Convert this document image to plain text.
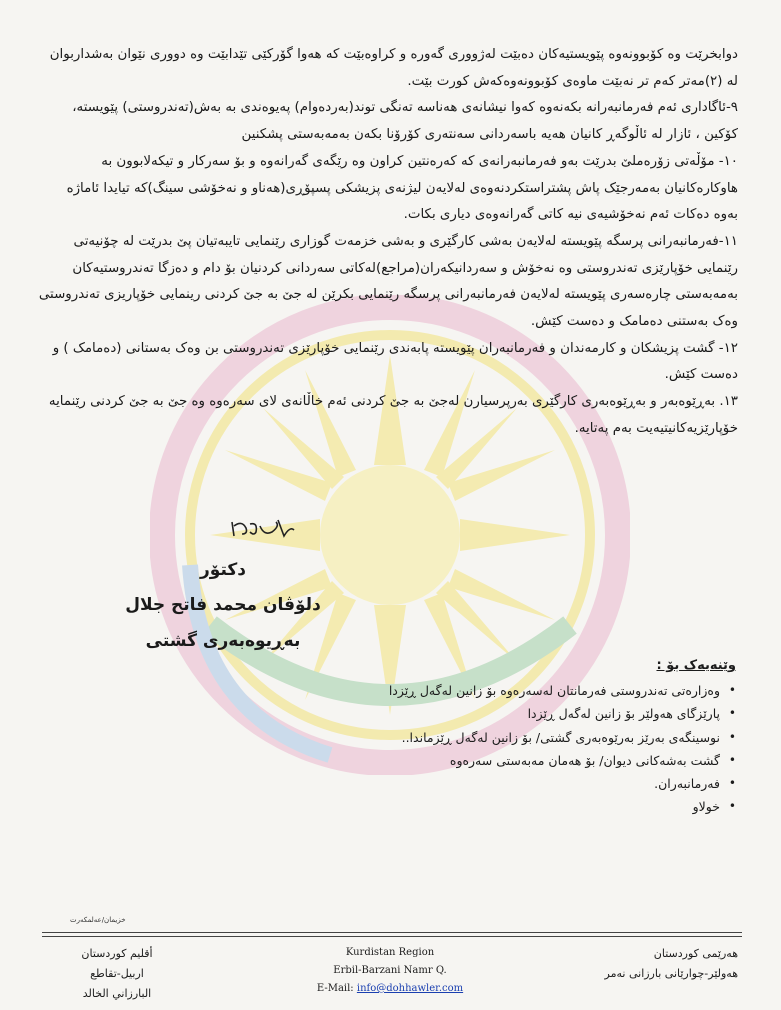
دوابخرێت وە کۆبوونەوە پێویستیەکان دەبێت لەژووری گەورە و کراوەبێت کە هەوا گۆرکێی تێدابێت وە دووری نێوان بەشداربوان لە (٢)مەتر کەم تر نەبێت ماوەی کۆبوونەوەکەش کورت بێت.

٩-ئاگاداری ئەم فەرمانبەرانە بکەنەوە کەوا نیشانەی هەناسە تەنگی توند(بەردەوام) پەیوەندی بە بەش(تەندروستی) پێویستە، کۆکین ، ئازار لە ئاڵوگەڕ کانیان هەیە باسەردانی سەنتەری کۆرۆنا بکەن بەمەبەستی پشکنین

١٠- مۆڵەتی زۆرەملێ بدرێت بەو فەرمانبەرانەی کە کەرەنتین کراون وە رێگەی گەرانەوە و بۆ سەرکار و تیکەلابوون بە هاوکارەکانیان بەمەرجێک پاش پشتراستکردنەوەی لەلایەن لیژنەی پزیشکی پسپۆڕی(هەناو و نەخۆشی سینگ)کە تیایدا ئاماژە بەوە دەکات ئەم نەخۆشیەی نیە کاتی گەرانەوەی دیاری بکات.

١١-فەرمانبەرانی پرسگە پێویستە لەلایەن بەشی کارگێری و بەشی خزمەت گوزاری رێنمایی تایبەتیان پێ بدرێت لە چۆنیەتی رێنمایی خۆپارێزی تەندروستی وە نەخۆش و سەردانیکەران(مراجع)لەکاتی سەردانی کردنیان بۆ دام و دەزگا تەندروستیەکان بەمەبەستی چارەسەری پێویستە لەلایەن فەرمانبەرانی پرسگە رێنمایی بکرێن لە جێ بە جێ کردنی رینمایی خۆپاریزی تەندروستی وەک بەستنی دەمامک و دەست کێش.

١٢- گشت پزیشکان و کارمەندان و فەرمانبەران پێویستە پابەندی رێنمایی خۆپارێزی تەندروستی بن وەک بەستانی (دەمامک ) و دەست کێش.

١٣. بەڕێوەبەر و بەڕێوەبەری کارگێری بەرپرسیارن لەجێ بە جێ کردنی ئەم خاڵانەی لای سەرەوە وە جێ بە جێ کردنی رێنمایە خۆپارێزیەکانیتیەیت بەم پەتایە.

دکتۆر
دلۆڤان محمد فاتح جلال
بەڕیوەبەری گشتی

وێنەیەک بۆ :

•
وەزارەتی تەندروستی فەرمانتان لەسەرەوە بۆ زانین لەگەل ڕێزدا
•
پارێزگای هەولێر بۆ زانین لەگەل ڕێزدا
•
نوسینگەی بەرێز بەرێوەبەری گشتی/ بۆ زانین لەگەل ڕێزماندا..
•
گشت بەشەکانی دیوان/ بۆ هەمان مەبەستی سەرەوە
•
فەرمانبەران.
•
خولاو
خزیمان/عەلمکەرت
أقليم كوردستان
اربيل-تقاطع
البارزاني الخالد
Kurdistan Region
Erbil-Barzani Namr Q.
E-Mail: info@dohhawler.com
هەرێمی کوردستان
هەولێر-چوارێانی بارزانی نەمر
